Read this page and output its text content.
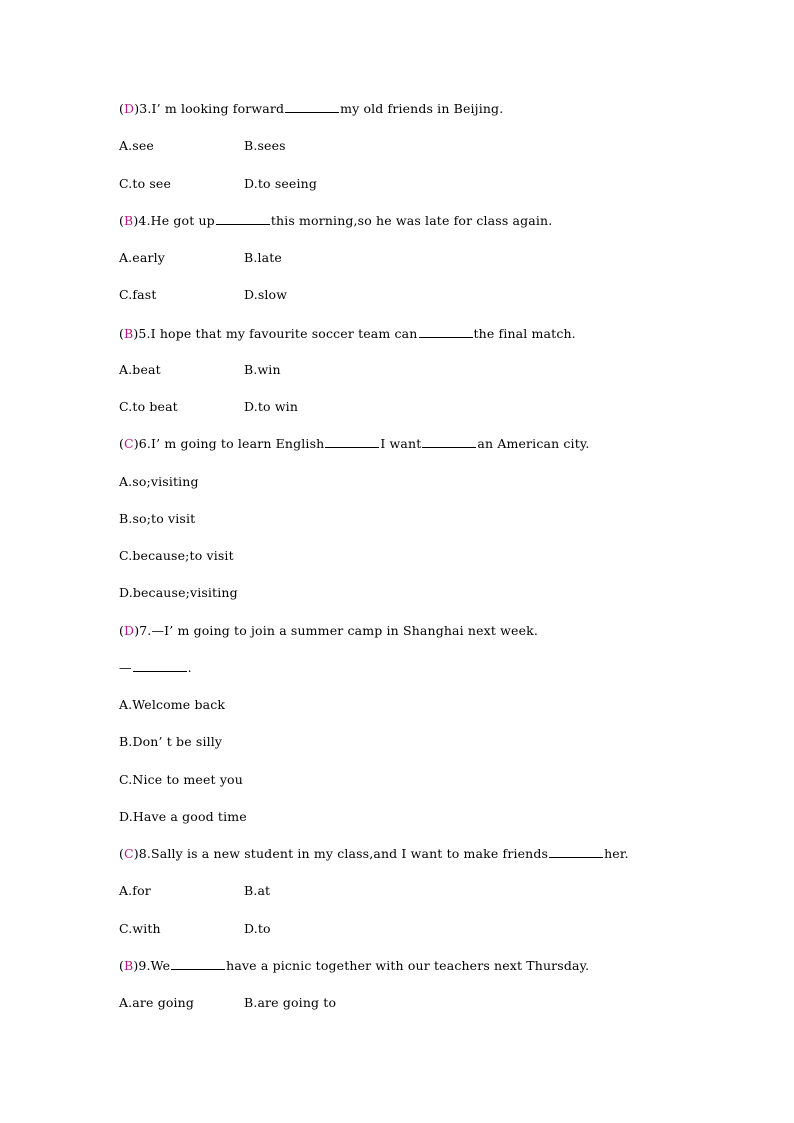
(D)3.I’ m looking forward	my old friends in Beijing.
A.see	B.sees
C.to see	D.to seeing
(B)4.He got up	this morning,so he was late for class again.
A.early	B.late
C.fast	D.slow
(B)5.I hope that my favourite soccer team can	the final match.
A.beat	B.win
C.to beat	D.to win
(C)6.I’ m going to learn English	I want	an American city.
A.so;visiting
B.so;to visit
C.because;to visit
D.because;visiting
(D)7.—I’ m going to join a summer camp in Shanghai next week.
—	.
A.Welcome back
B.Don’ t be silly
C.Nice to meet you
D.Have a good time
(C)8.Sally is a new student in my class,and I want to make friends	her.
A.for	B.at
C.with	D.to
(B)9.We	have a picnic together with our teachers next Thursday.
A.are going	B.are going to
